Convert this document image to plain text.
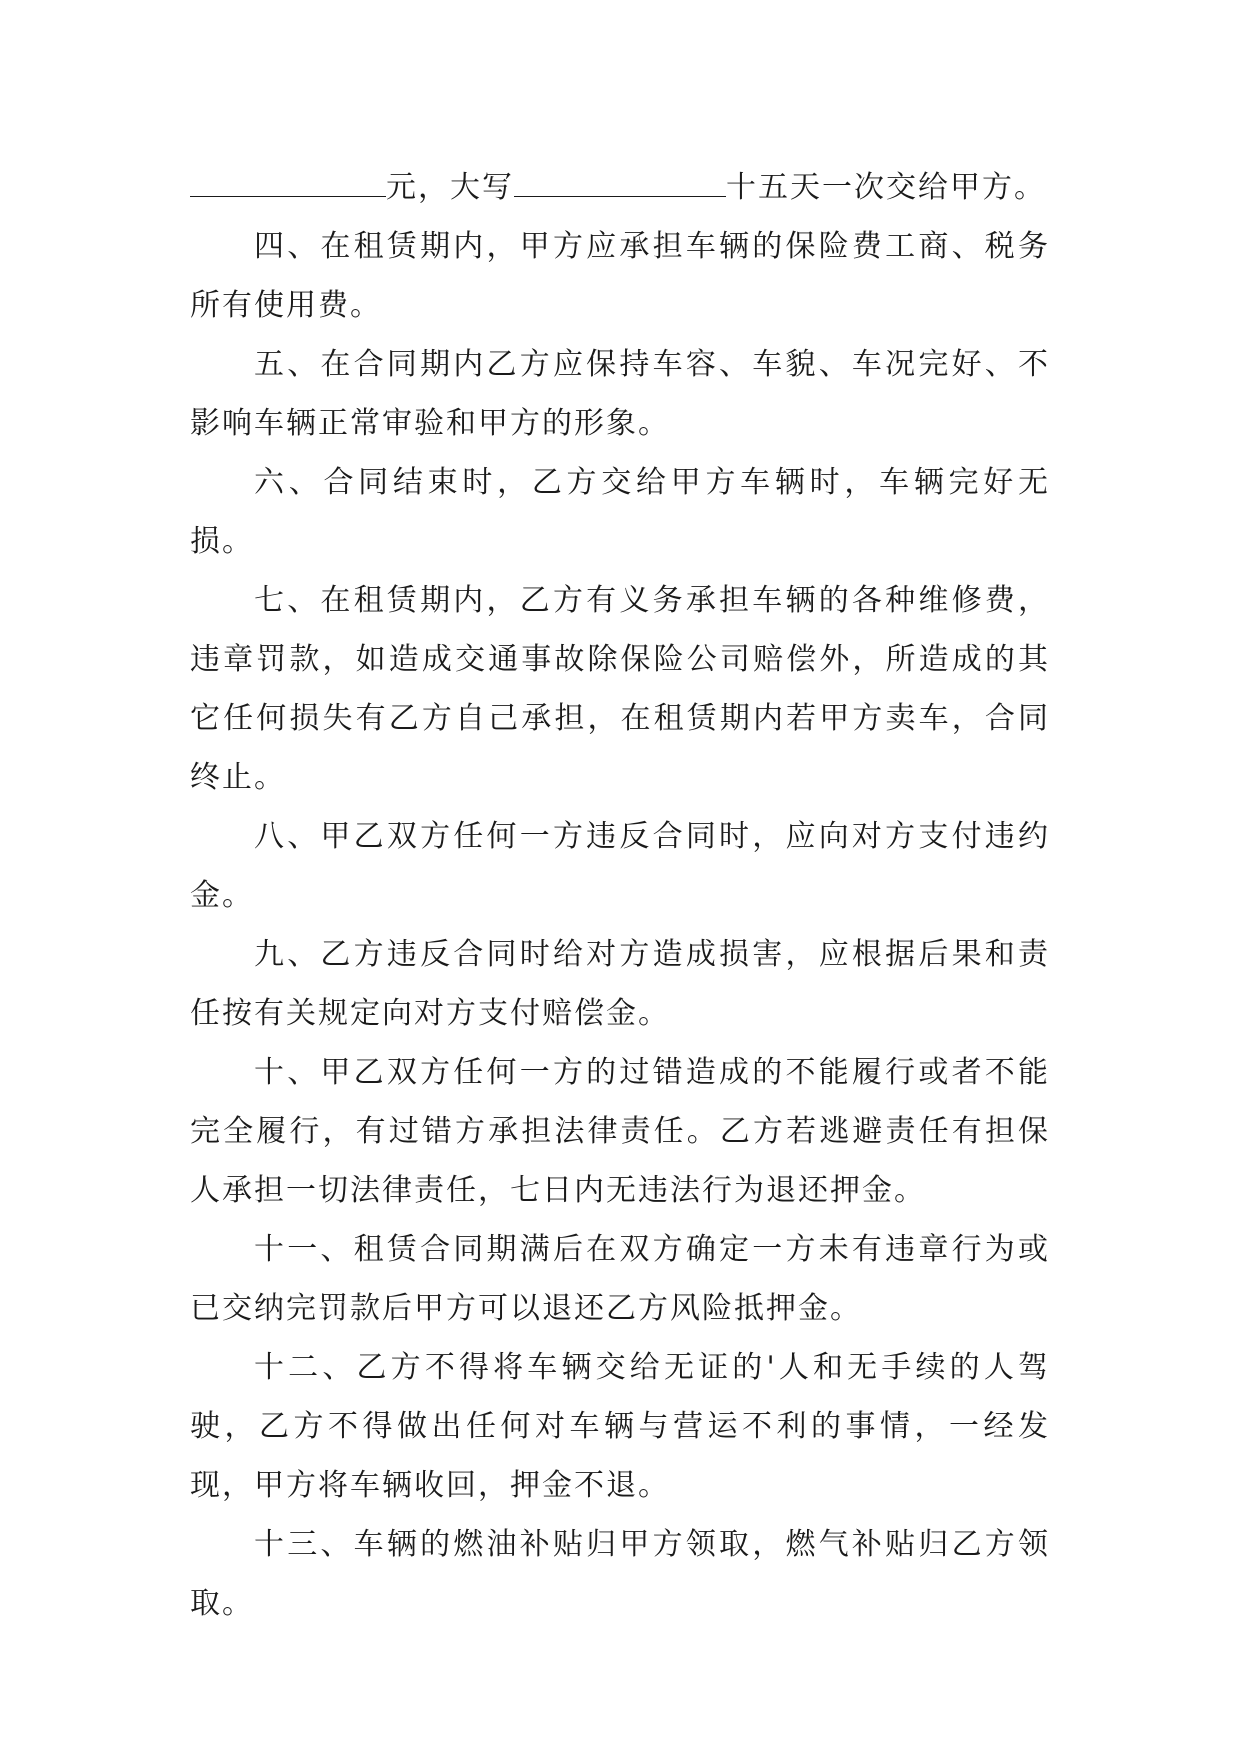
元，大写	十五天一次交给甲方。

四、在租赁期内，甲方应承担车辆的保险费工商、税务所有使用费。

五、在合同期内乙方应保持车容、车貌、车况完好、不影响车辆正常审验和甲方的形象。

六、合同结束时，乙方交给甲方车辆时，车辆完好无损。

七、在租赁期内，乙方有义务承担车辆的各种维修费，违章罚款，如造成交通事故除保险公司赔偿外，所造成的其它任何损失有乙方自己承担，在租赁期内若甲方卖车，合同终止。

八、甲乙双方任何一方违反合同时，应向对方支付违约金。

九、乙方违反合同时给对方造成损害，应根据后果和责任按有关规定向对方支付赔偿金。

十、甲乙双方任何一方的过错造成的不能履行或者不能完全履行，有过错方承担法律责任。乙方若逃避责任有担保人承担一切法律责任，七日内无违法行为退还押金。

十一、租赁合同期满后在双方确定一方未有违章行为或已交纳完罚款后甲方可以退还乙方风险抵押金。

十二、乙方不得将车辆交给无证的'人和无手续的人驾驶，乙方不得做出任何对车辆与营运不利的事情，一经发现，甲方将车辆收回，押金不退。

十三、车辆的燃油补贴归甲方领取，燃气补贴归乙方领取。
